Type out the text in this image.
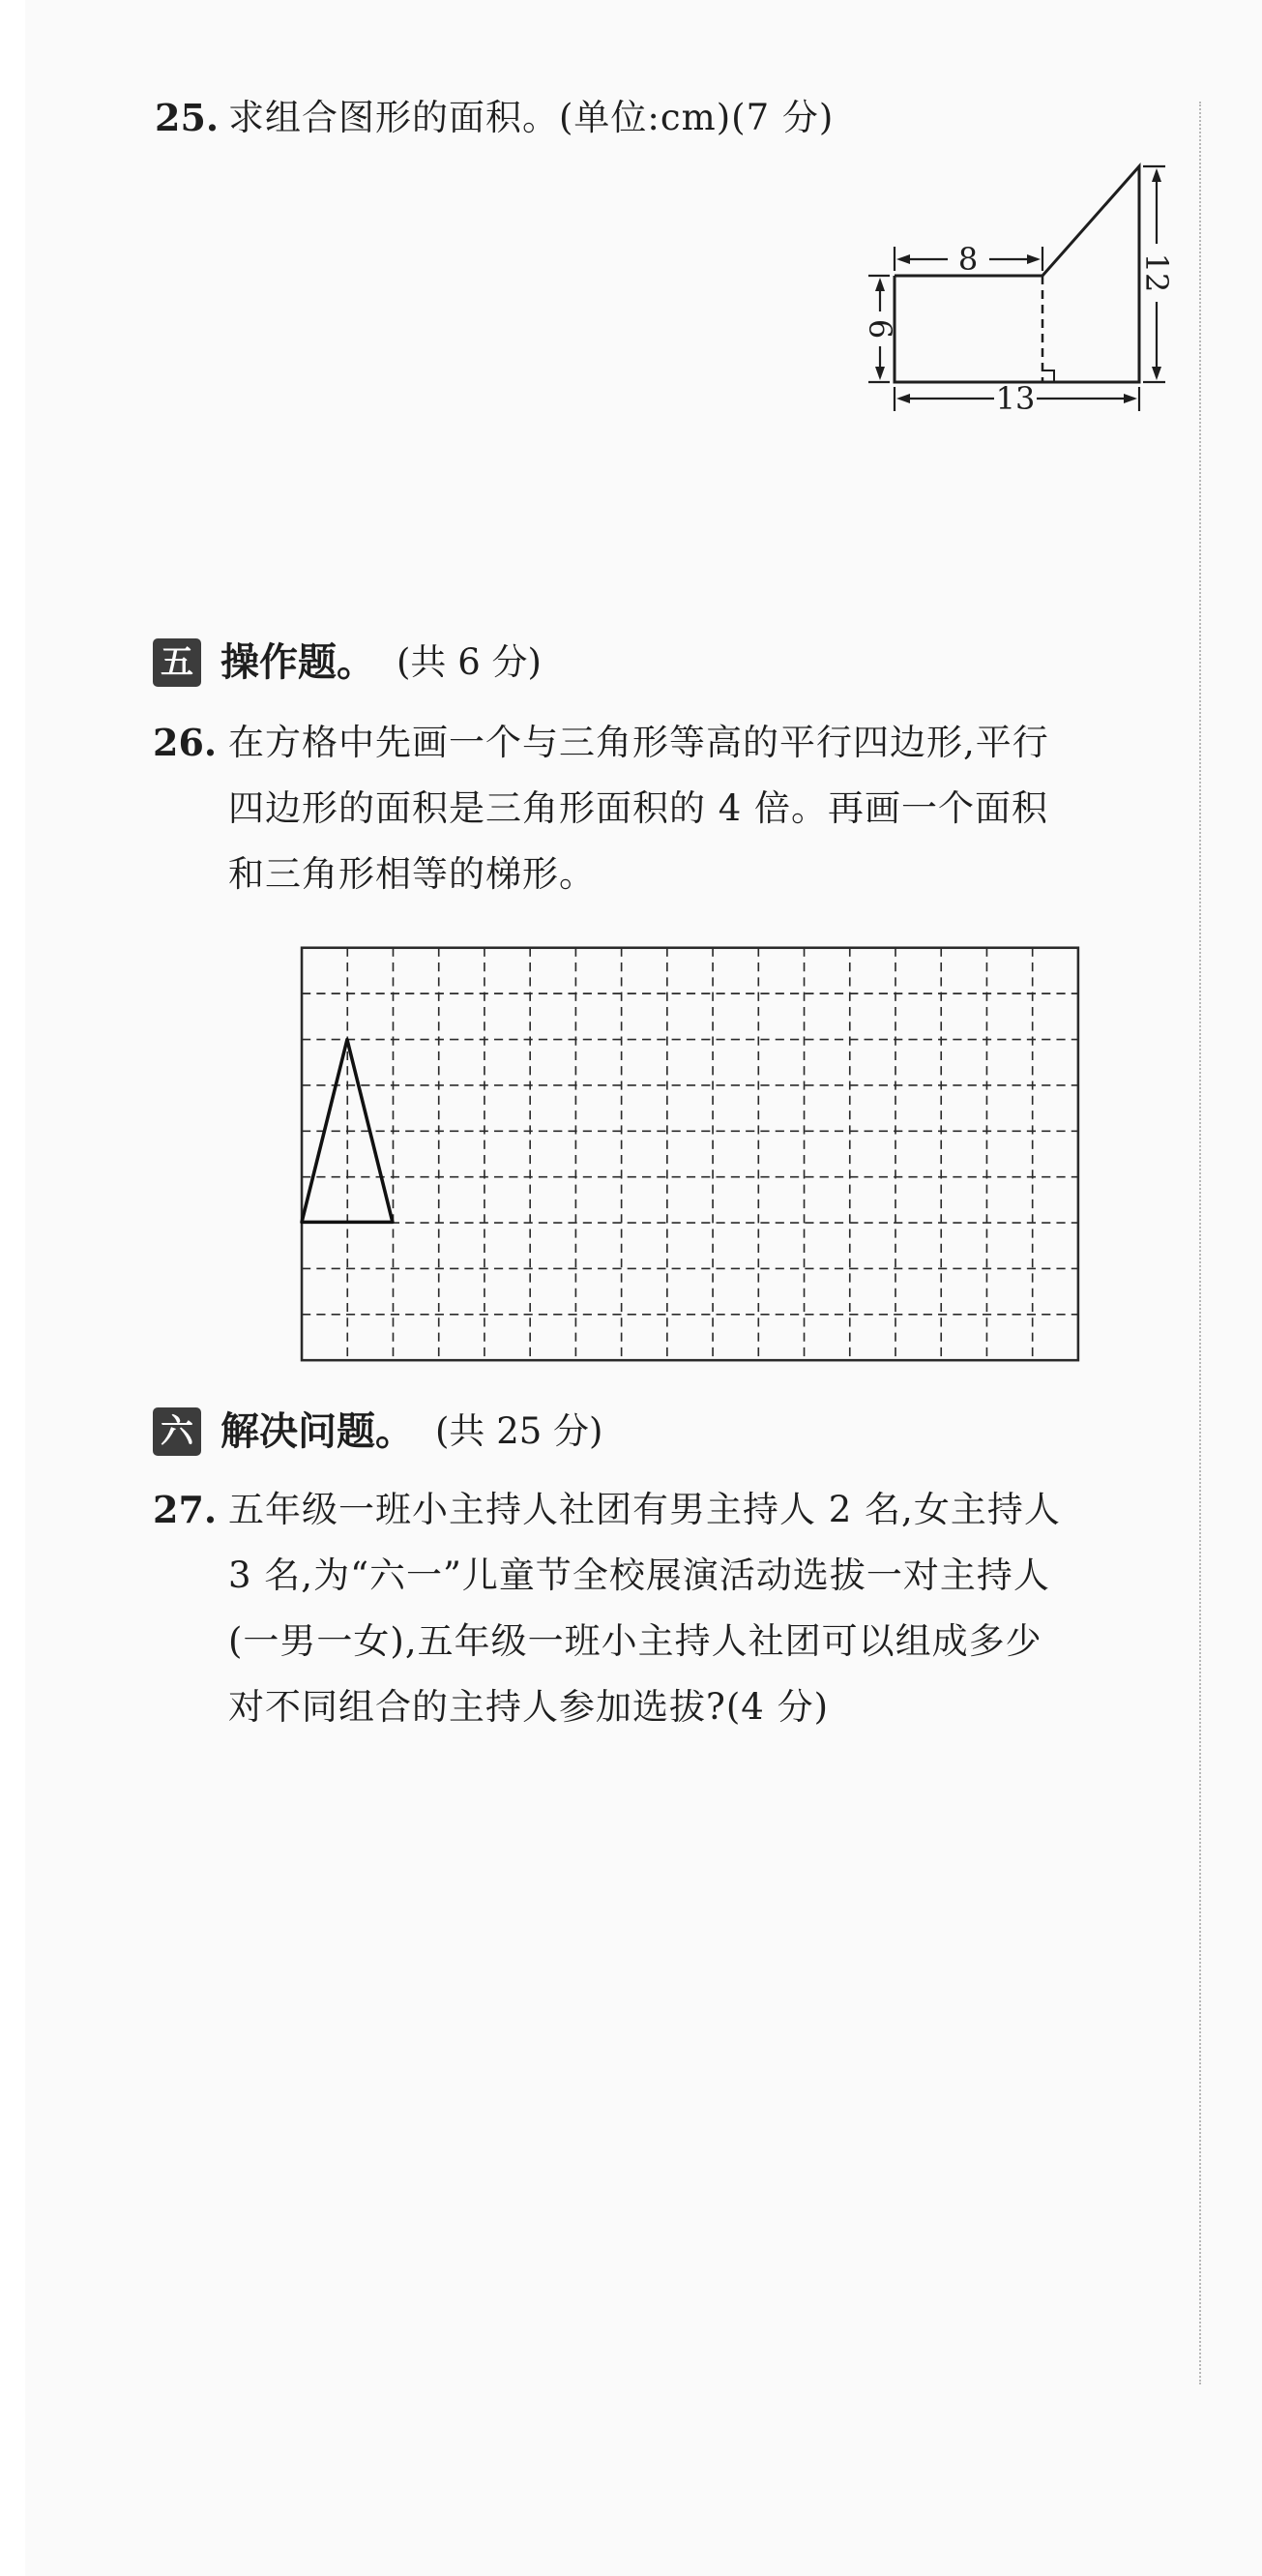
25. 求组合图形的面积。(单位:cm)(7 分)
8
13
6
12
五 操作题。 (共 6 分)
26. 在方格中先画一个与三角形等高的平行四边形,平行
四边形的面积是三角形面积的 4 倍。再画一个面积
和三角形相等的梯形。
六 解决问题。 (共 25 分)
27. 五年级一班小主持人社团有男主持人 2 名,女主持人
3 名,为“六一”儿童节全校展演活动选拔一对主持人
(一男一女),五年级一班小主持人社团可以组成多少
对不同组合的主持人参加选拔?(4 分)
